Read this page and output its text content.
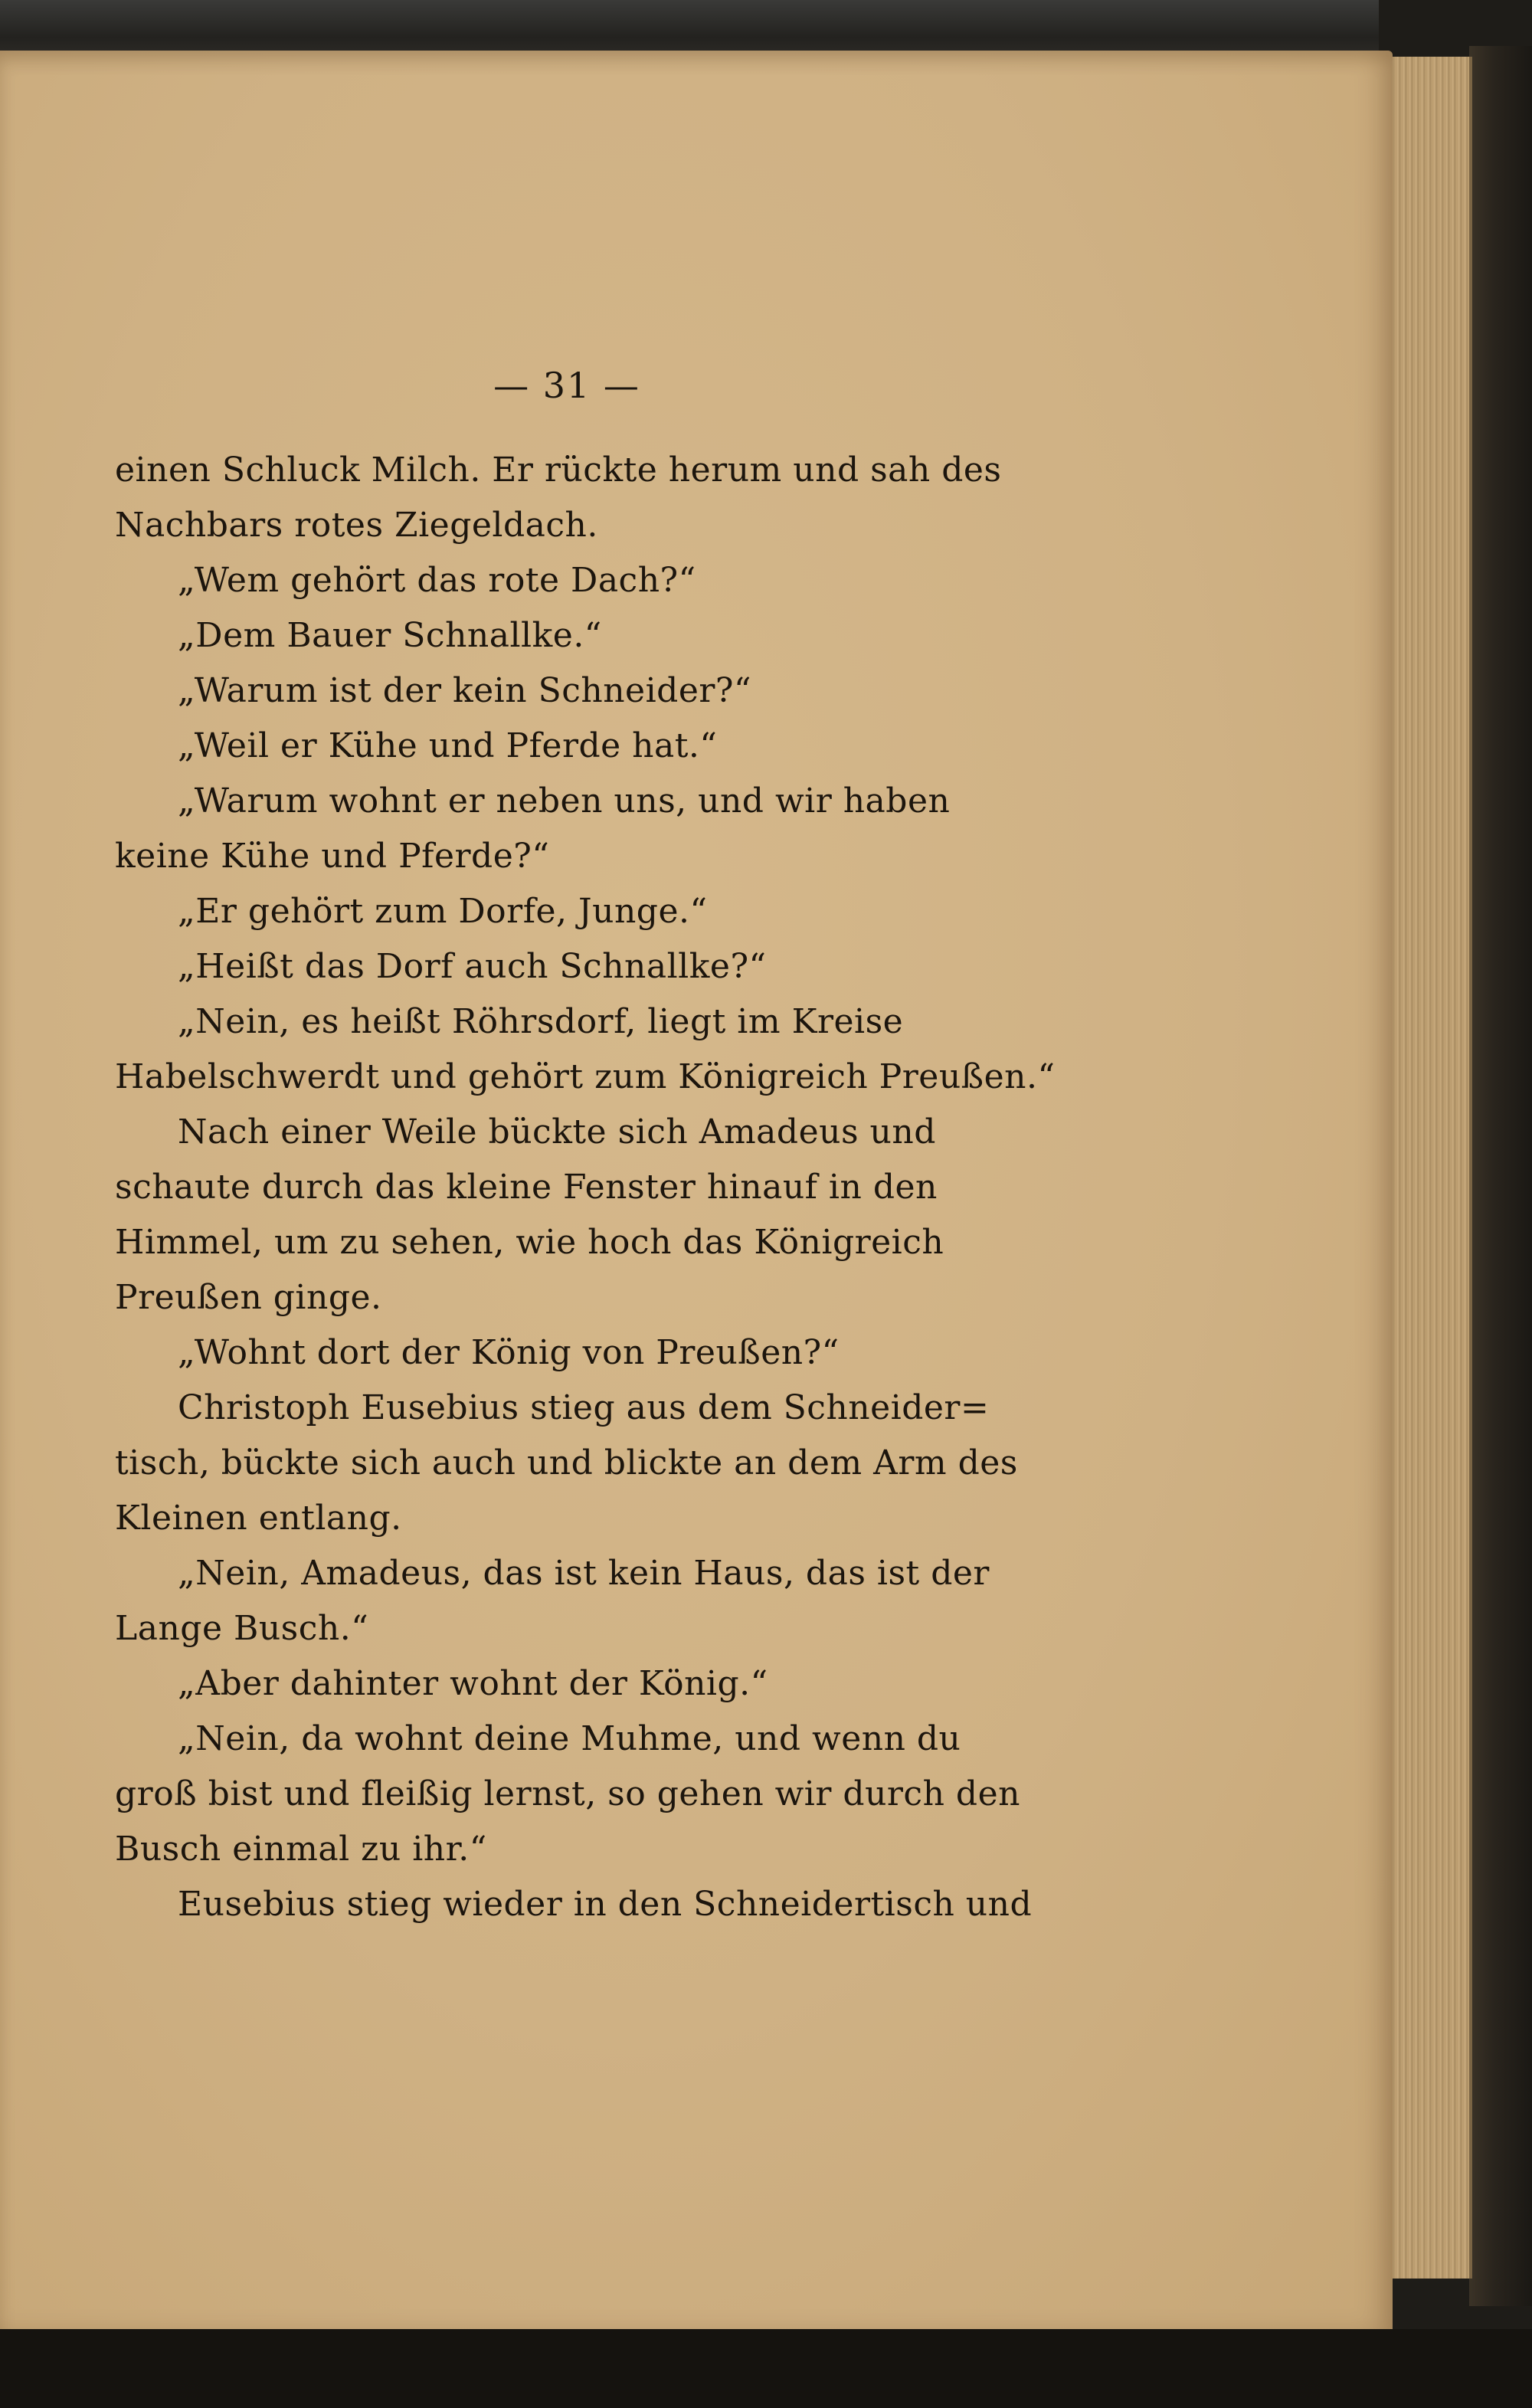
— 31 —
einen Schluck Milch. Er rückte herum und sah des
Nachbars rotes Ziegeldach.
„Wem gehört das rote Dach?“
„Dem Bauer Schnallke.“
„Warum ist der kein Schneider?“
„Weil er Kühe und Pferde hat.“
„Warum wohnt er neben uns, und wir haben
keine Kühe und Pferde?“
„Er gehört zum Dorfe, Junge.“
„Heißt das Dorf auch Schnallke?“
„Nein, es heißt Röhrsdorf, liegt im Kreise
Habelschwerdt und gehört zum Königreich Preußen.“
Nach einer Weile bückte sich Amadeus und
schaute durch das kleine Fenster hinauf in den
Himmel, um zu sehen, wie hoch das Königreich
Preußen ginge.
„Wohnt dort der König von Preußen?“
Christoph Eusebius stieg aus dem Schneider=
tisch, bückte sich auch und blickte an dem Arm des
Kleinen entlang.
„Nein, Amadeus, das ist kein Haus, das ist der
Lange Busch.“
„Aber dahinter wohnt der König.“
„Nein, da wohnt deine Muhme, und wenn du
groß bist und fleißig lernst, so gehen wir durch den
Busch einmal zu ihr.“
Eusebius stieg wieder in den Schneidertisch und
